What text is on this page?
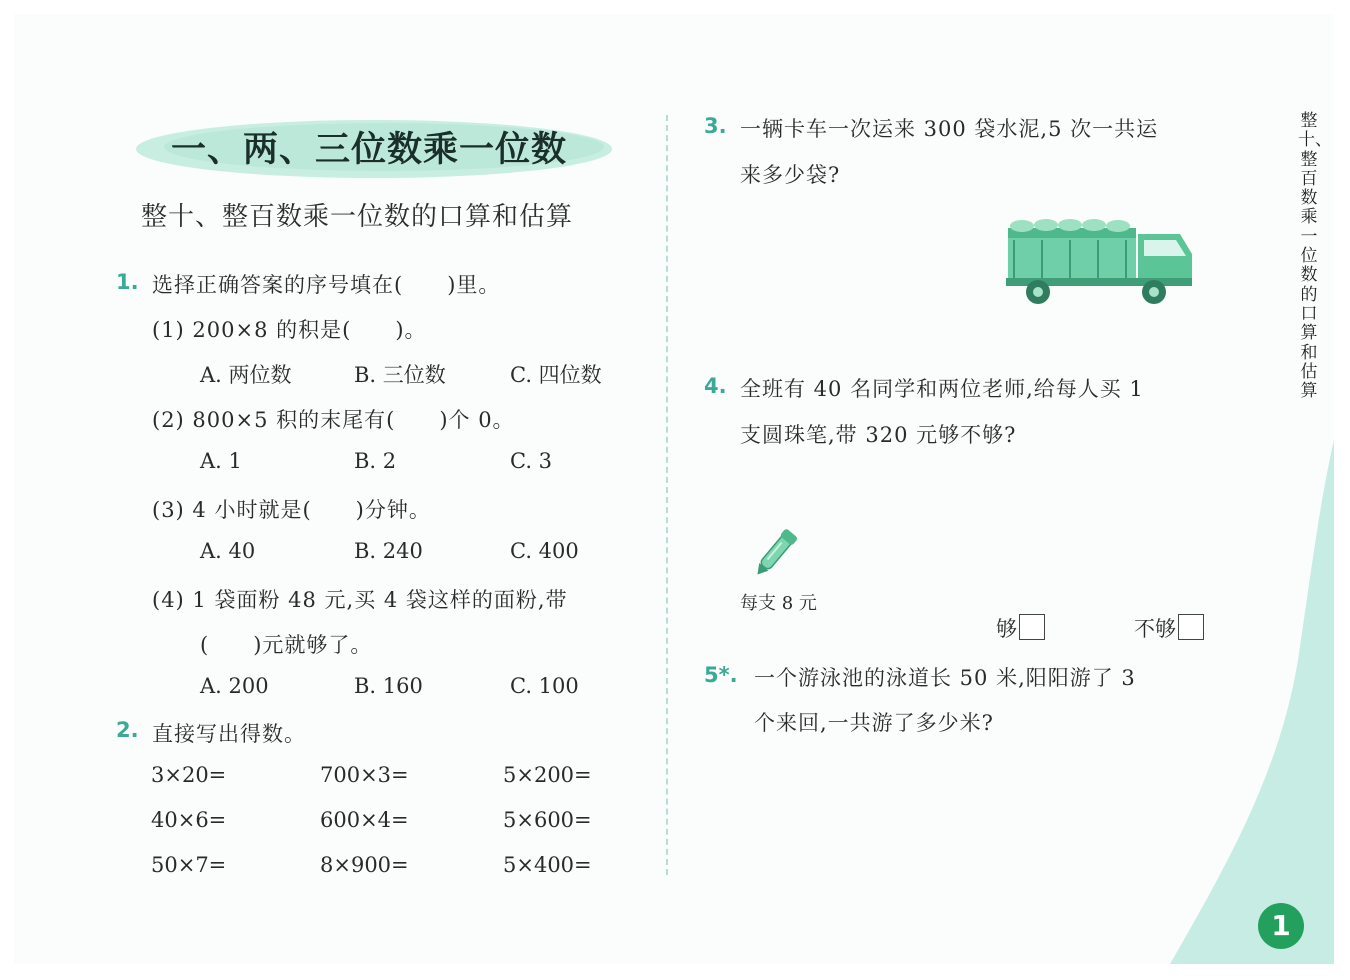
一、两、三位数乘一位数
整十、整百数乘一位数的口算和估算
1. 选择正确答案的序号填在(　　)里。
(1) 200×8 的积是(　　)。
A. 两位数	B. 三位数	C. 四位数
(2) 800×5 积的末尾有(　　)个 0。
A. 1	B. 2	C. 3
(3) 4 小时就是(　　)分钟。
A. 40	B. 240	C. 400
(4) 1 袋面粉 48 元,买 4 袋这样的面粉,带
(　　)元就够了。
A. 200	B. 160	C. 100
2. 直接写出得数。
3×20=	700×3=	5×200=
40×6=	600×4=	5×600=
50×7=	8×900=	5×400=
3. 一辆卡车一次运来 300 袋水泥,5 次一共运
来多少袋?
4. 全班有 40 名同学和两位老师,给每人买 1
支圆珠笔,带 320 元够不够?
每支 8 元
够	不够
5*. 一个游泳池的泳道长 50 米,阳阳游了 3
个来回,一共游了多少米?
整十、整百数乘一位数的口算和估算
1
